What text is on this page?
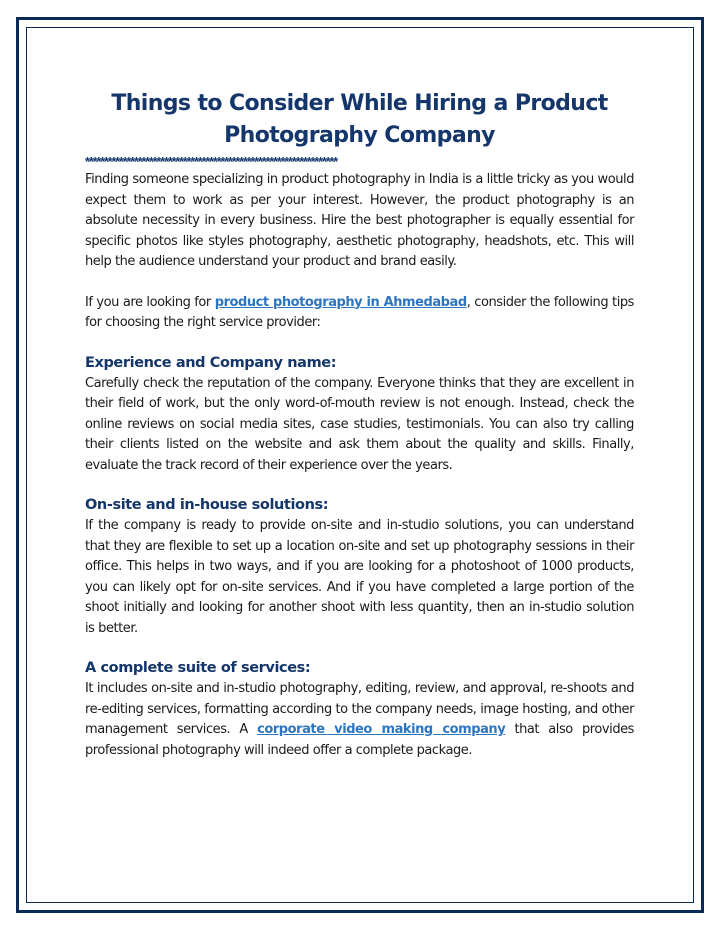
Things to Consider While Hiring a Product Photography Company
*******************************************************************

Finding someone specializing in product photography in India is a little tricky as you would expect them to work as per your interest. However, the product photography is an absolute necessity in every business. Hire the best photographer is equally essential for specific photos like styles photography, aesthetic photography, headshots, etc. This will help the audience understand your product and brand easily.

If you are looking for product photography in Ahmedabad, consider the following tips for choosing the right service provider:

Experience and Company name:

Carefully check the reputation of the company. Everyone thinks that they are excellent in their field of work, but the only word-of-mouth review is not enough. Instead, check the online reviews on social media sites, case studies, testimonials. You can also try calling their clients listed on the website and ask them about the quality and skills. Finally, evaluate the track record of their experience over the years.

On-site and in-house solutions:

If the company is ready to provide on-site and in-studio solutions, you can understand that they are flexible to set up a location on-site and set up photography sessions in their office. This helps in two ways, and if you are looking for a photoshoot of 1000 products, you can likely opt for on-site services. And if you have completed a large portion of the shoot initially and looking for another shoot with less quantity, then an in-studio solution is better.

A complete suite of services:

It includes on-site and in-studio photography, editing, review, and approval, re-shoots and re-editing services, formatting according to the company needs, image hosting, and other management services. A corporate video making company that also provides professional photography will indeed offer a complete package.
